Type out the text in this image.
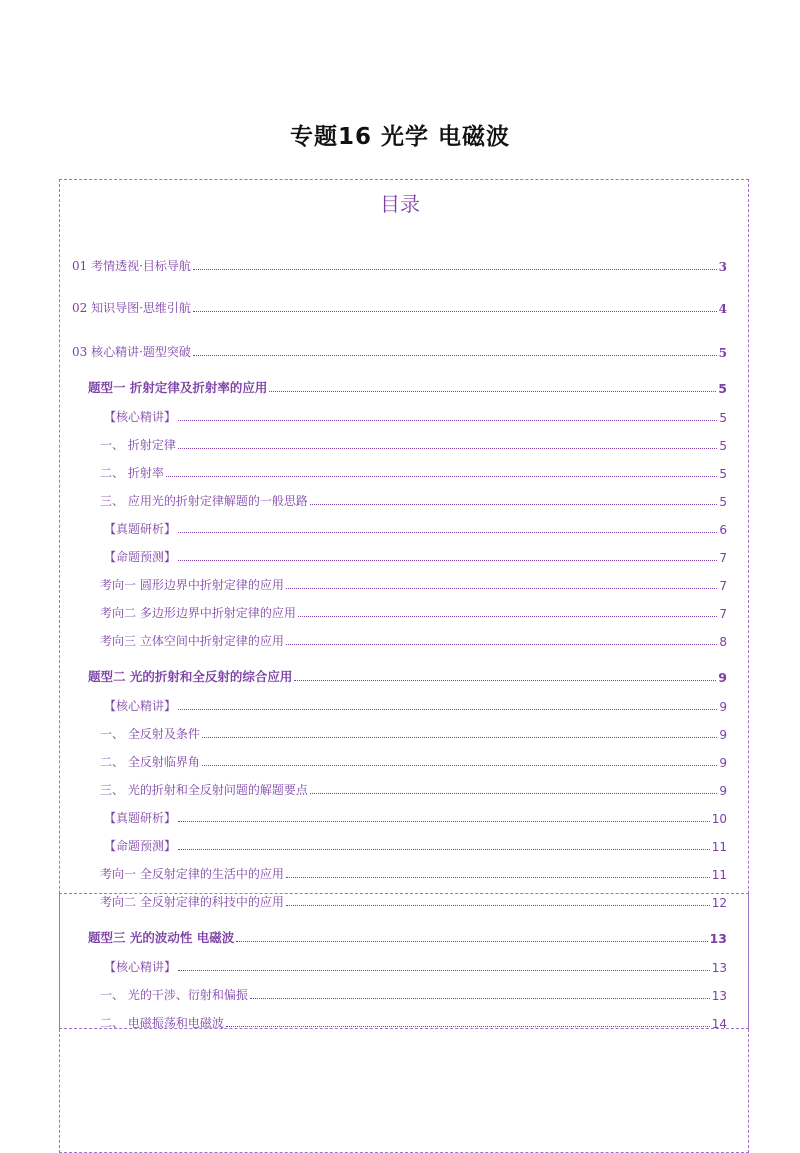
专题16 光学 电磁波
目录
01 考情透视·目标导航	3
02 知识导图·思维引航	4
03 核心精讲·题型突破	5
题型一 折射定律及折射率的应用	5
【核心精讲】	5
一、 折射定律	5
二、 折射率	5
三、 应用光的折射定律解题的一般思路	5
【真题研析】	6
【命题预测】	7
考向一 圆形边界中折射定律的应用	7
考向二 多边形边界中折射定律的应用	7
考向三 立体空间中折射定律的应用	8
题型二 光的折射和全反射的综合应用	9
【核心精讲】	9
一、 全反射及条件	9
二、 全反射临界角	9
三、 光的折射和全反射问题的解题要点	9
【真题研析】	10
【命题预测】	11
考向一 全反射定律的生活中的应用	11
考向二 全反射定律的科技中的应用	12
题型三 光的波动性 电磁波	13
【核心精讲】	13
一、 光的干涉、衍射和偏振	13
二、 电磁振荡和电磁波	14
